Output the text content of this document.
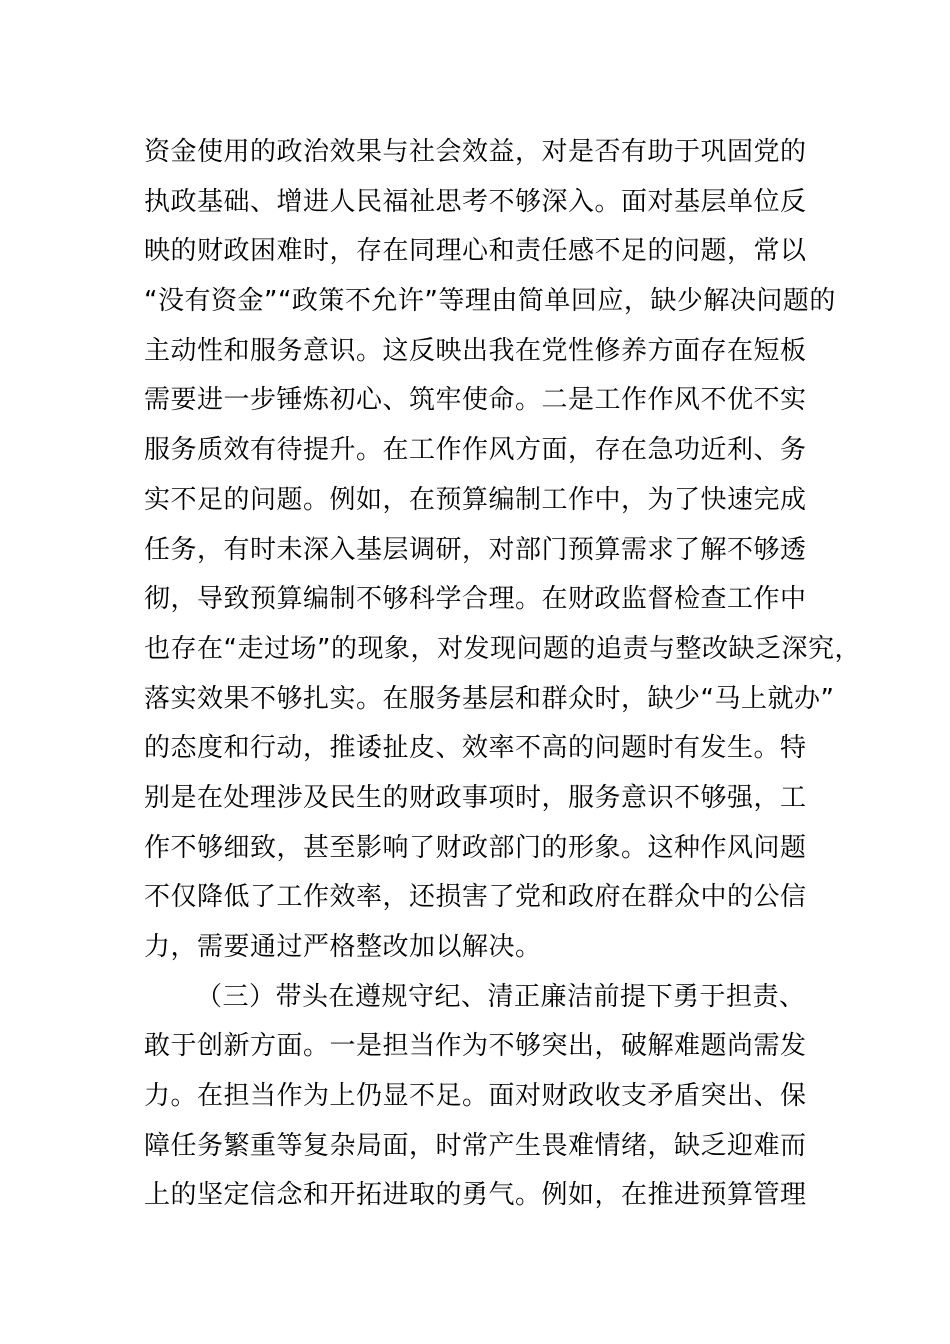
资金使用的政治效果与社会效益，对是否有助于巩固党的
执政基础、增进人民福祉思考不够深入。面对基层单位反
映的财政困难时，存在同理心和责任感不足的问题，常以
“没有资金”“政策不允许”等理由简单回应，缺少解决问题的
主动性和服务意识。这反映出我在党性修养方面存在短板
需要进一步锤炼初心、筑牢使命。二是工作作风不优不实
服务质效有待提升。在工作作风方面，存在急功近利、务
实不足的问题。例如，在预算编制工作中，为了快速完成
任务，有时未深入基层调研，对部门预算需求了解不够透
彻，导致预算编制不够科学合理。在财政监督检查工作中
也存在“走过场”的现象，对发现问题的追责与整改缺乏深究，
落实效果不够扎实。在服务基层和群众时，缺少“马上就办”
的态度和行动，推诿扯皮、效率不高的问题时有发生。特
别是在处理涉及民生的财政事项时，服务意识不够强，工
作不够细致，甚至影响了财政部门的形象。这种作风问题
不仅降低了工作效率，还损害了党和政府在群众中的公信
力，需要通过严格整改加以解决。
（三）带头在遵规守纪、清正廉洁前提下勇于担责、
敢于创新方面。一是担当作为不够突出，破解难题尚需发
力。在担当作为上仍显不足。面对财政收支矛盾突出、保
障任务繁重等复杂局面，时常产生畏难情绪，缺乏迎难而
上的坚定信念和开拓进取的勇气。例如，在推进预算管理
